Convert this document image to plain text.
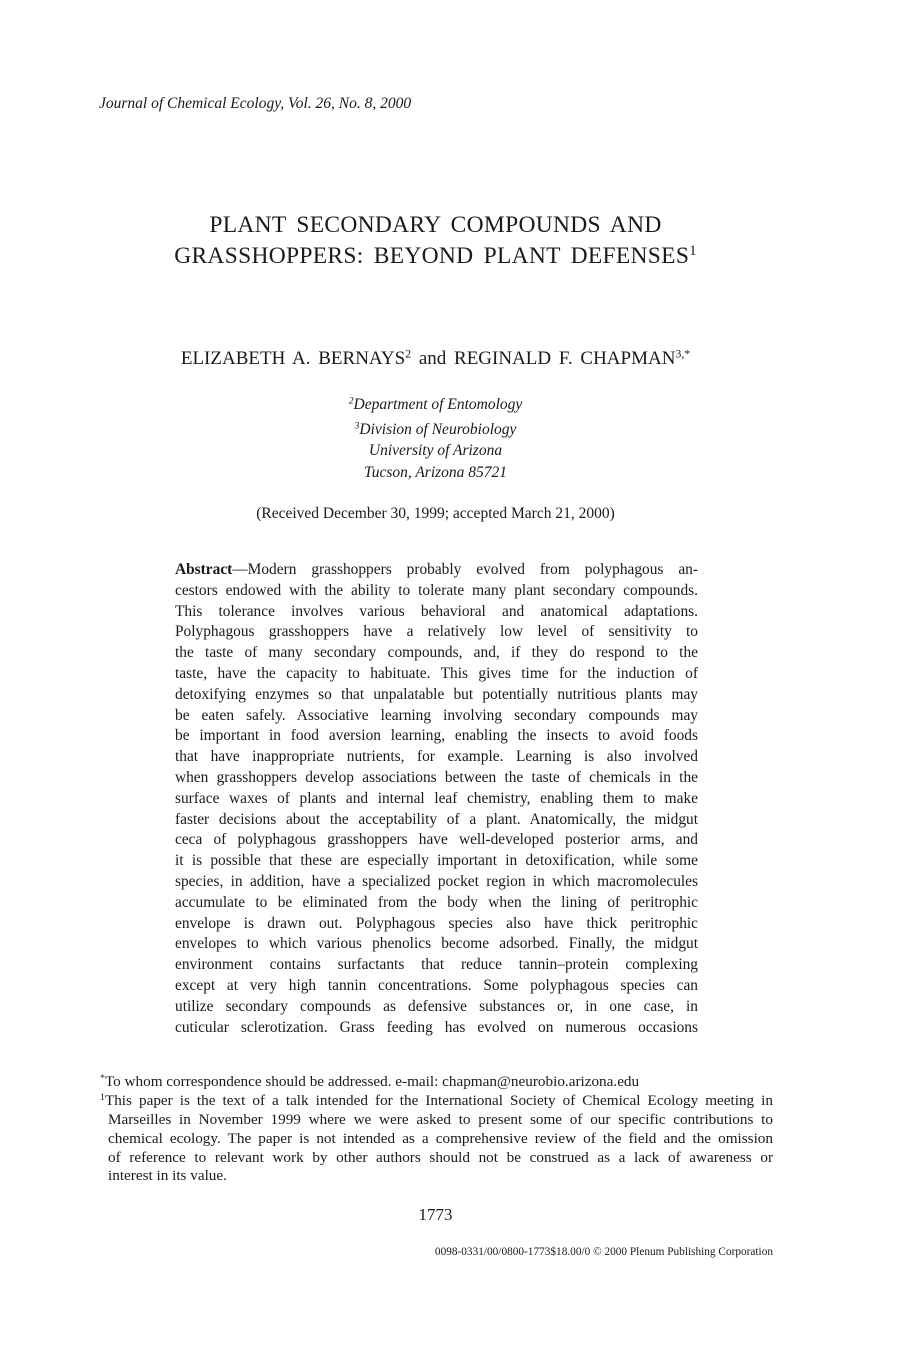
Journal of Chemical Ecology, Vol. 26, No. 8, 2000
PLANT SECONDARY COMPOUNDS AND
GRASSHOPPERS: BEYOND PLANT DEFENSES$^1$
ELIZABETH A. BERNAYS$^2$ and REGINALD F. $CHAPMAN^{3,*}$
$^2$Department of Entomology
$^3$Division of Neurobiology
University of Arizona
Tucson, Arizona 85721
(Received December 30, 1999; accepted March 21, 2000)
Abstract—Modern grasshoppers probably evolved from polyphagous an-
cestors endowed with the ability to tolerate many plant secondary compounds.
This tolerance involves various behavioral and anatomical adaptations.
Polyphagous grasshoppers have a relatively low level of sensitivity to
the taste of many secondary compounds, and, if they do respond to the
taste, have the capacity to habituate. This gives time for the induction of
detoxifying enzymes so that unpalatable but potentially nutritious plants may
be eaten safely. Associative learning involving secondary compounds may
be important in food aversion learning, enabling the insects to avoid foods
that have inappropriate nutrients, for example. Learning is also involved
when grasshoppers develop associations between the taste of chemicals in the
surface waxes of plants and internal leaf chemistry, enabling them to make
faster decisions about the acceptability of a plant. Anatomically, the midgut
ceca of polyphagous grasshoppers have well-developed posterior arms, and
it is possible that these are especially important in detoxification, while some
species, in addition, have a specialized pocket region in which macromolecules
accumulate to be eliminated from the body when the lining of peritrophic
envelope is drawn out. Polyphagous species also have thick peritrophic
envelopes to which various phenolics become adsorbed. Finally, the midgut
environment contains surfactants that reduce tannin–protein complexing
except at very high tannin concentrations. Some polyphagous species can
utilize secondary compounds as defensive substances or, in one case, in
cuticular sclerotization. Grass feeding has evolved on numerous occasions
*To whom correspondence should be addressed. e-mail: chapman@neurobio.arizona.edu
$^1$This paper is the text of a talk intended for the International Society of Chemical Ecology meeting in
Marseilles in November 1999 where we were asked to present some of our specific contributions to
chemical ecology. The paper is not intended as a comprehensive review of the field and the omission
of reference to relevant work by other authors should not be construed as a lack of awareness or
interest in its value.
1773
0098-0331/00/0800-1773$18.00/0 © 2000 Plenum Publishing Corporation
